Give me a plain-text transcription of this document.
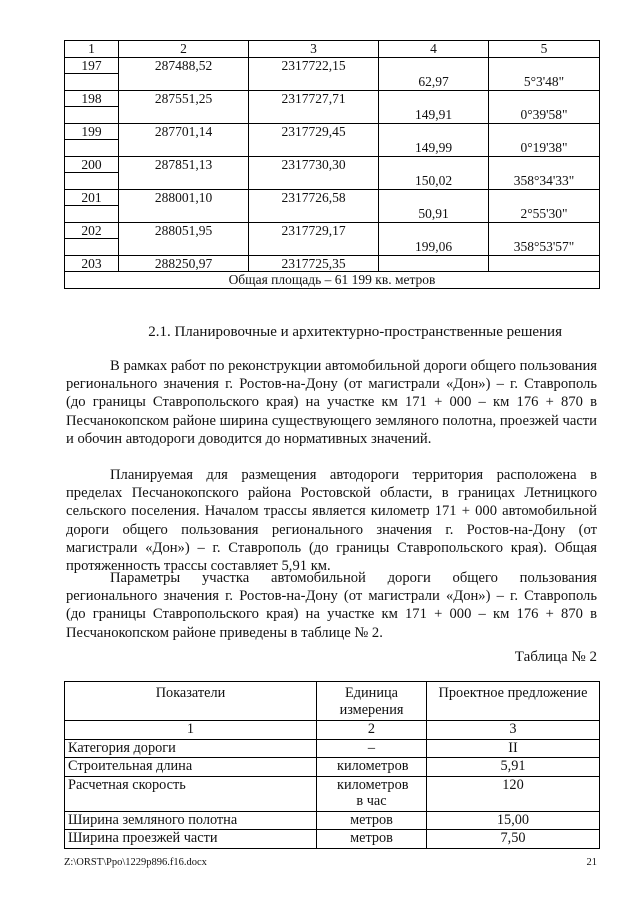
1	2	3	4	5
197	287488,52	2317722,15		
			62,97	5°3'48"
198	287551,25	2317727,71		
			149,91	0°39'58"
199	287701,14	2317729,45		
			149,99	0°19'38"
200	287851,13	2317730,30		
			150,02	358°34'33"
201	288001,10	2317726,58		
			50,91	2°55'30"
202	288051,95	2317729,17		
			199,06	358°53'57"
203	288250,97	2317725,35		
Общая площадь – 61 199 кв. метров				
2.1. Планировочные и архитектурно-пространственные решения

В рамках работ по реконструкции автомобильной дороги общего пользования регионального значения г. Ростов-на-Дону (от магистрали «Дон») – г. Ставрополь (до границы Ставропольского края) на участке км 171 + 000 – км 176 + 870 в Песчанокопском районе ширина существующего земляного полотна, проезжей части и обочин автодороги доводится до нормативных значений.

Планируемая для размещения автодороги территория расположена в пределах Песчанокопского района Ростовской области, в границах Летницкого сельского поселения. Началом трассы является километр 171 + 000 автомобильной дороги общего пользования регионального значения г. Ростов-на-Дону (от магистрали «Дон») – г. Ставрополь (до границы Ставропольского края). Общая протяженность трассы составляет 5,91 км.

Параметры участка автомобильной дороги общего пользования регионального значения г. Ростов-на-Дону (от магистрали «Дон») – г. Ставрополь (до границы Ставропольского края) на участке км 171 + 000 – км 176 + 870 в Песчанокопском районе приведены в таблице № 2.

Таблица № 2
Показатели	Единица измерения	Проектное предложение
1	2	3
Категория дороги	–	II
Строительная длина	километров	5,91
Расчетная скорость	километров в час	120
Ширина земляного полотна	метров	15,00
Ширина проезжей части	метров	7,50
Z:\ORST\Ppo\1229p896.f16.docx	21
